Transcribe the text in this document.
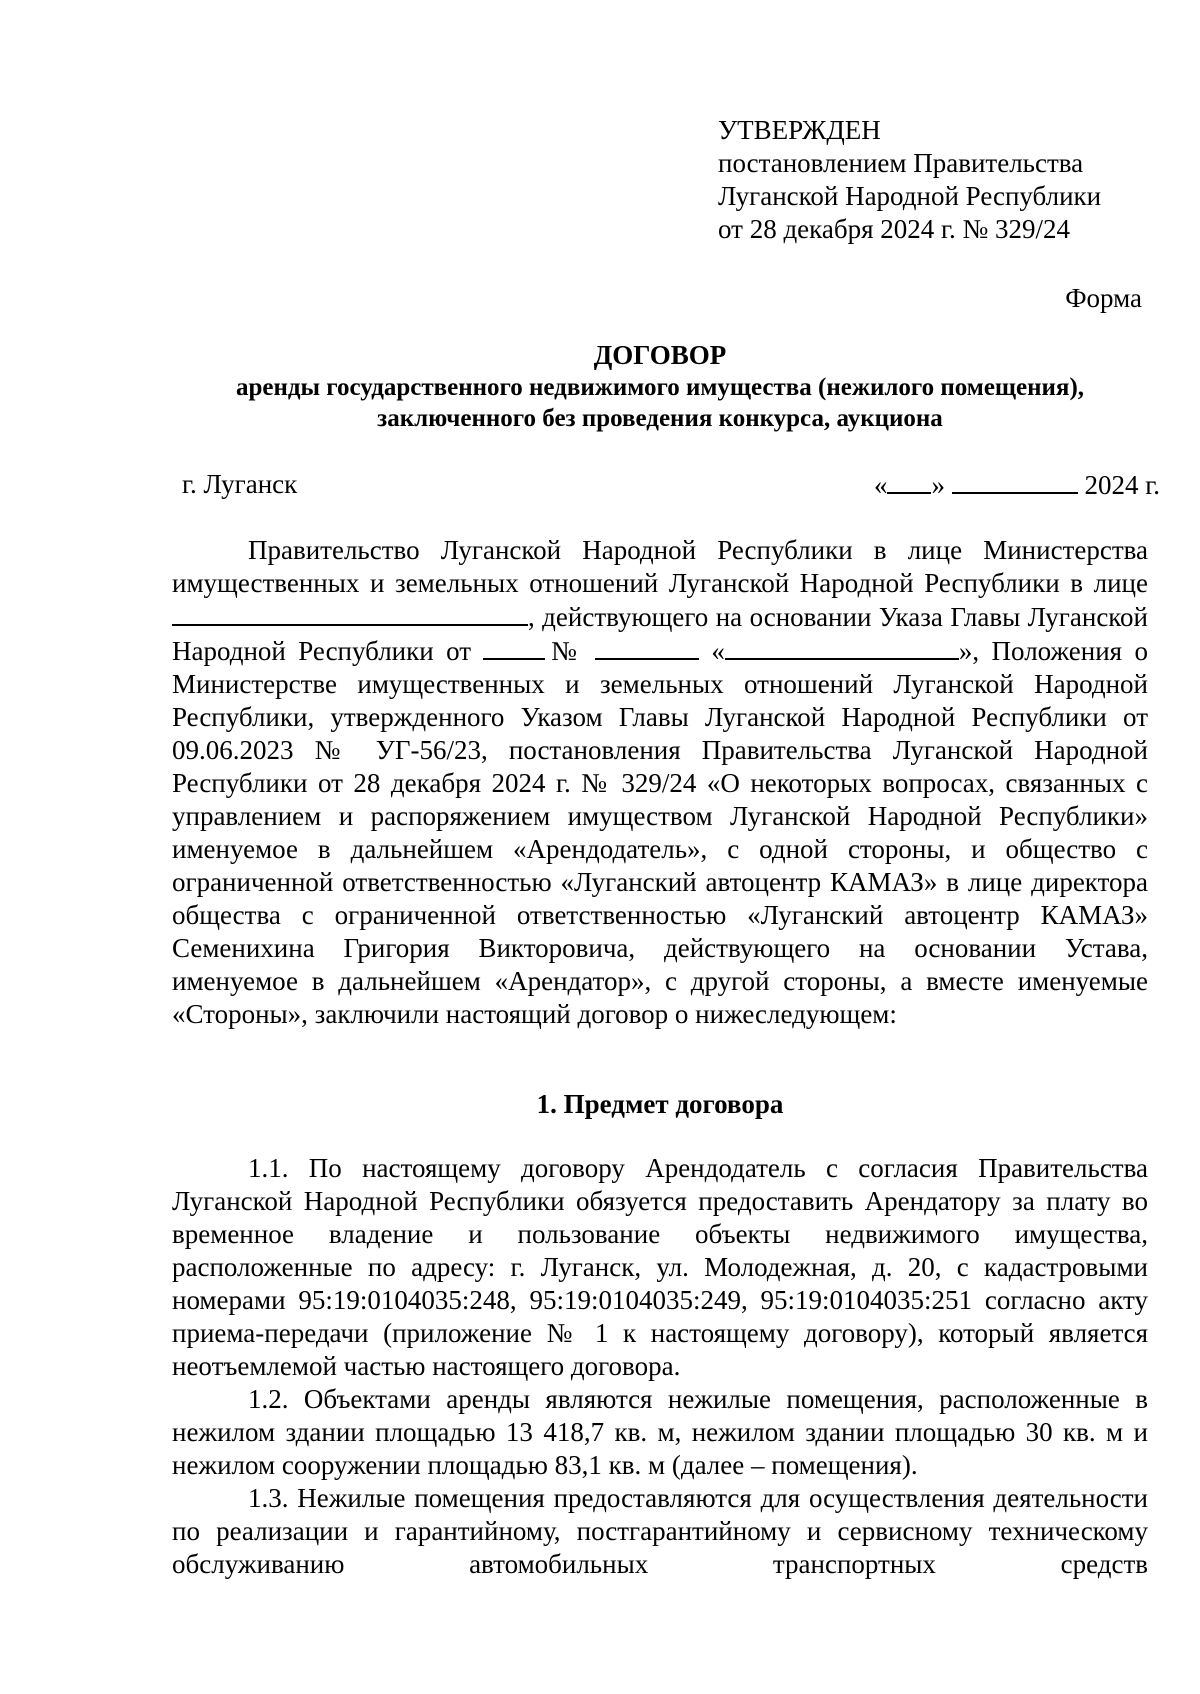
УТВЕРЖДЕН
постановлением Правительства
Луганской Народной Республики
от 28 декабря 2024 г. № 329/24
Форма
ДОГОВОР
аренды государственного недвижимого имущества (нежилого помещения),
заключенного без проведения конкурса, аукциона
г. Луганск	« »	2024 г.

Правительство Луганской Народной Республики в лице Министерства имущественных и земельных отношений Луганской Народной Республики в лице , действующего на основании Указа Главы Луганской Народной Республики от №	«	», Положения о Министерстве имущественных и земельных отношений Луганской Народной Республики, утвержденного Указом Главы Луганской Народной Республики от 09.06.2023 № УГ-56/23, постановления Правительства Луганской Народной Республики от 28 декабря 2024 г. № 329/24 «О некоторых вопросах, связанных с управлением и распоряжением имуществом Луганской Народной Республики» именуемое в дальнейшем «Арендодатель», с одной стороны, и общество с ограниченной ответственностью «Луганский автоцентр КАМАЗ» в лице директора общества с ограниченной ответственностью «Луганский автоцентр КАМАЗ» Семенихина Григория Викторовича, действующего на основании Устава, именуемое в дальнейшем «Арендатор», с другой стороны, а вместе именуемые «Стороны», заключили настоящий договор о нижеследующем:

1. Предмет договора

1.1. По настоящему договору Арендодатель с согласия Правительства Луганской Народной Республики обязуется предоставить Арендатору за плату во временное владение и пользование объекты недвижимого имущества, расположенные по адресу: г. Луганск, ул. Молодежная, д. 20, с кадастровыми номерами 95:19:0104035:248, 95:19:0104035:249, 95:19:0104035:251 согласно акту приема-передачи (приложение № 1 к настоящему договору), который является неотъемлемой частью настоящего договора.

1.2. Объектами аренды являются нежилые помещения, расположенные в нежилом здании площадью 13 418,7 кв. м, нежилом здании площадью 30 кв. м и нежилом сооружении площадью 83,1 кв. м (далее – помещения).

1.3. Нежилые помещения предоставляются для осуществления деятельности по реализации и гарантийному, постгарантийному и сервисному техническому обслуживанию автомобильных транспортных средств
